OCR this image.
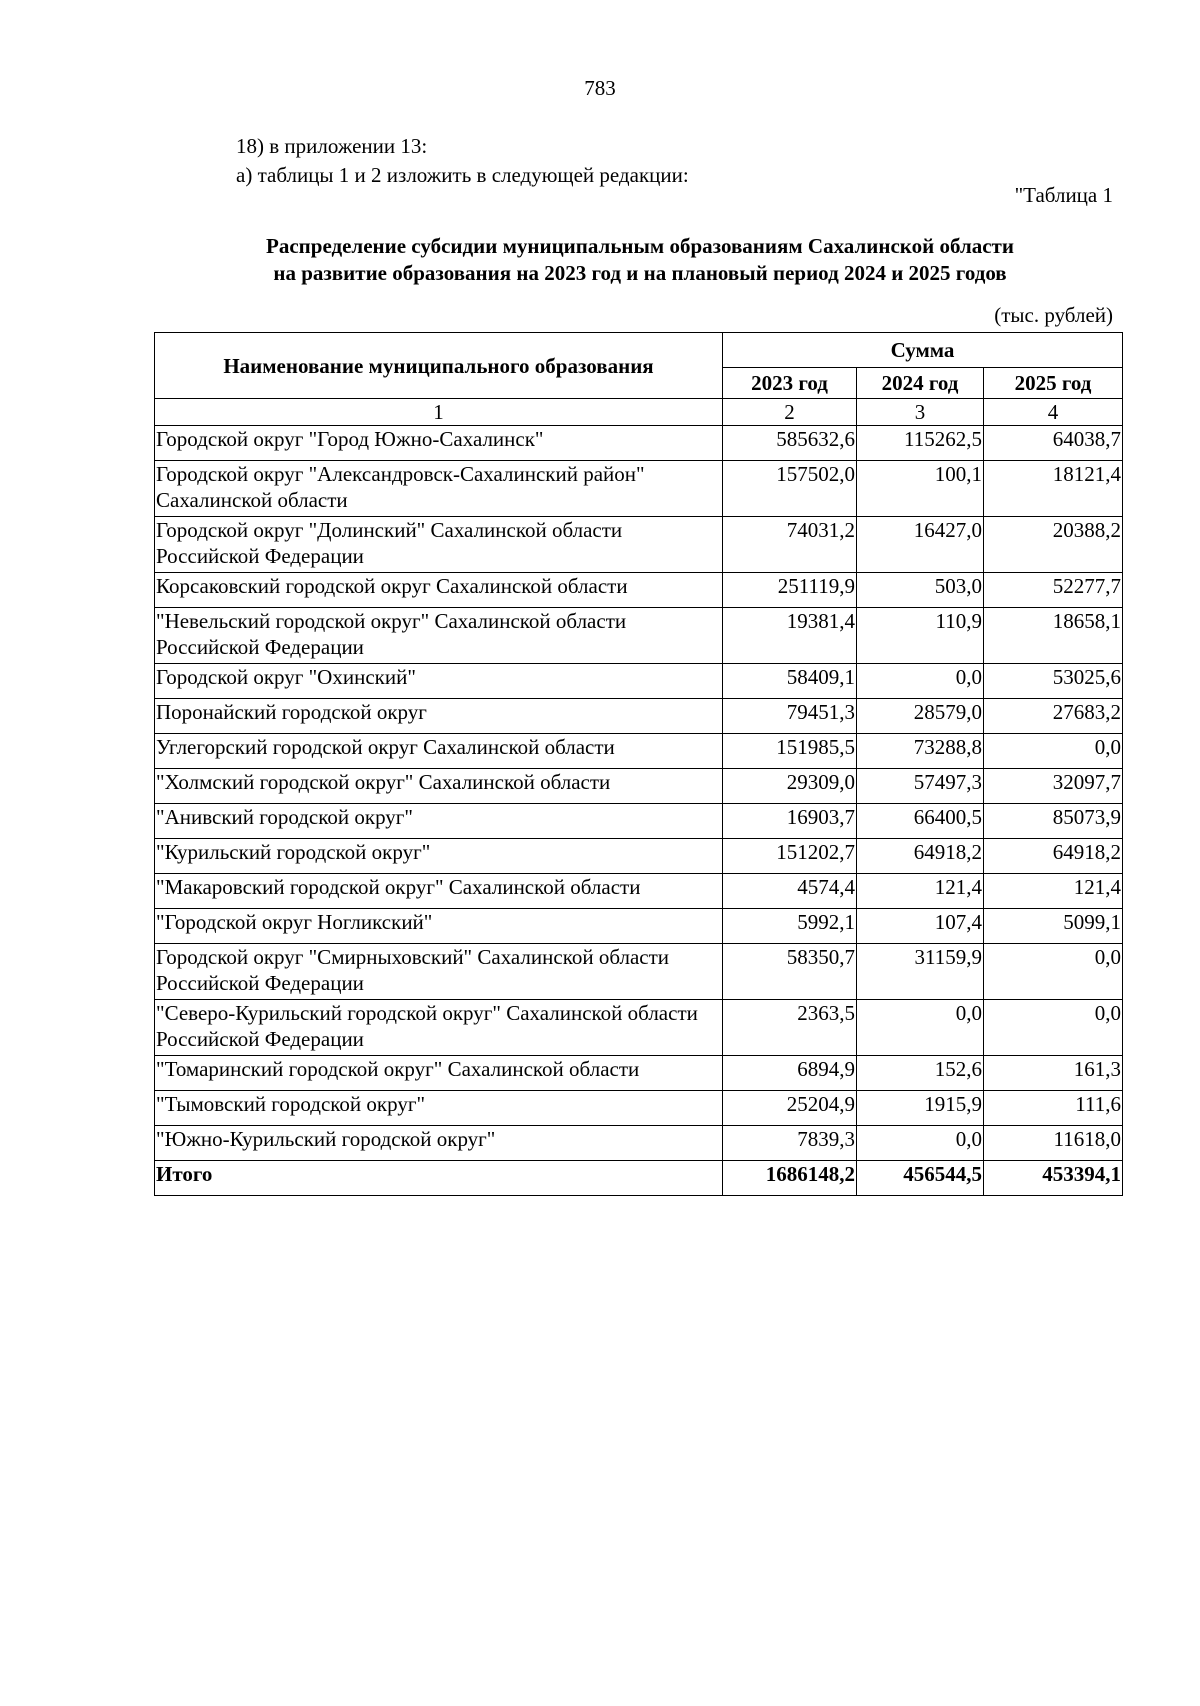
783
18) в приложении 13:
а) таблицы 1 и 2 изложить в следующей редакции:
"Таблица 1
Распределение субсидии муниципальным образованиям Сахалинской области
на развитие образования на 2023 год и на плановый период 2024 и 2025 годов
(тыс. рублей)
Наименование муниципального образования	Сумма		
	2023 год	2024 год	2025 год
1	2	3	4
Городской округ "Город Южно-Сахалинск"	585632,6	115262,5	64038,7
Городской округ "Александровск-Сахалинский район" Сахалинской области	157502,0	100,1	18121,4
Городской округ "Долинский" Сахалинской области Российской Федерации	74031,2	16427,0	20388,2
Корсаковский городской округ Сахалинской области	251119,9	503,0	52277,7
"Невельский городской округ" Сахалинской области Российской Федерации	19381,4	110,9	18658,1
Городской округ "Охинский"	58409,1	0,0	53025,6
Поронайский городской округ	79451,3	28579,0	27683,2
Углегорский городской округ Сахалинской области	151985,5	73288,8	0,0
"Холмский городской округ" Сахалинской области	29309,0	57497,3	32097,7
"Анивский городской округ"	16903,7	66400,5	85073,9
"Курильский городской округ"	151202,7	64918,2	64918,2
"Макаровский городской округ" Сахалинской области	4574,4	121,4	121,4
"Городской округ Ногликский"	5992,1	107,4	5099,1
Городской округ "Смирныховский" Сахалинской области Российской Федерации	58350,7	31159,9	0,0
"Северо-Курильский городской округ" Сахалинской области Российской Федерации	2363,5	0,0	0,0
"Томаринский городской округ" Сахалинской области	6894,9	152,6	161,3
"Тымовский городской округ"	25204,9	1915,9	111,6
"Южно-Курильский городской округ"	7839,3	0,0	11618,0
Итого	1686148,2	456544,5	453394,1
